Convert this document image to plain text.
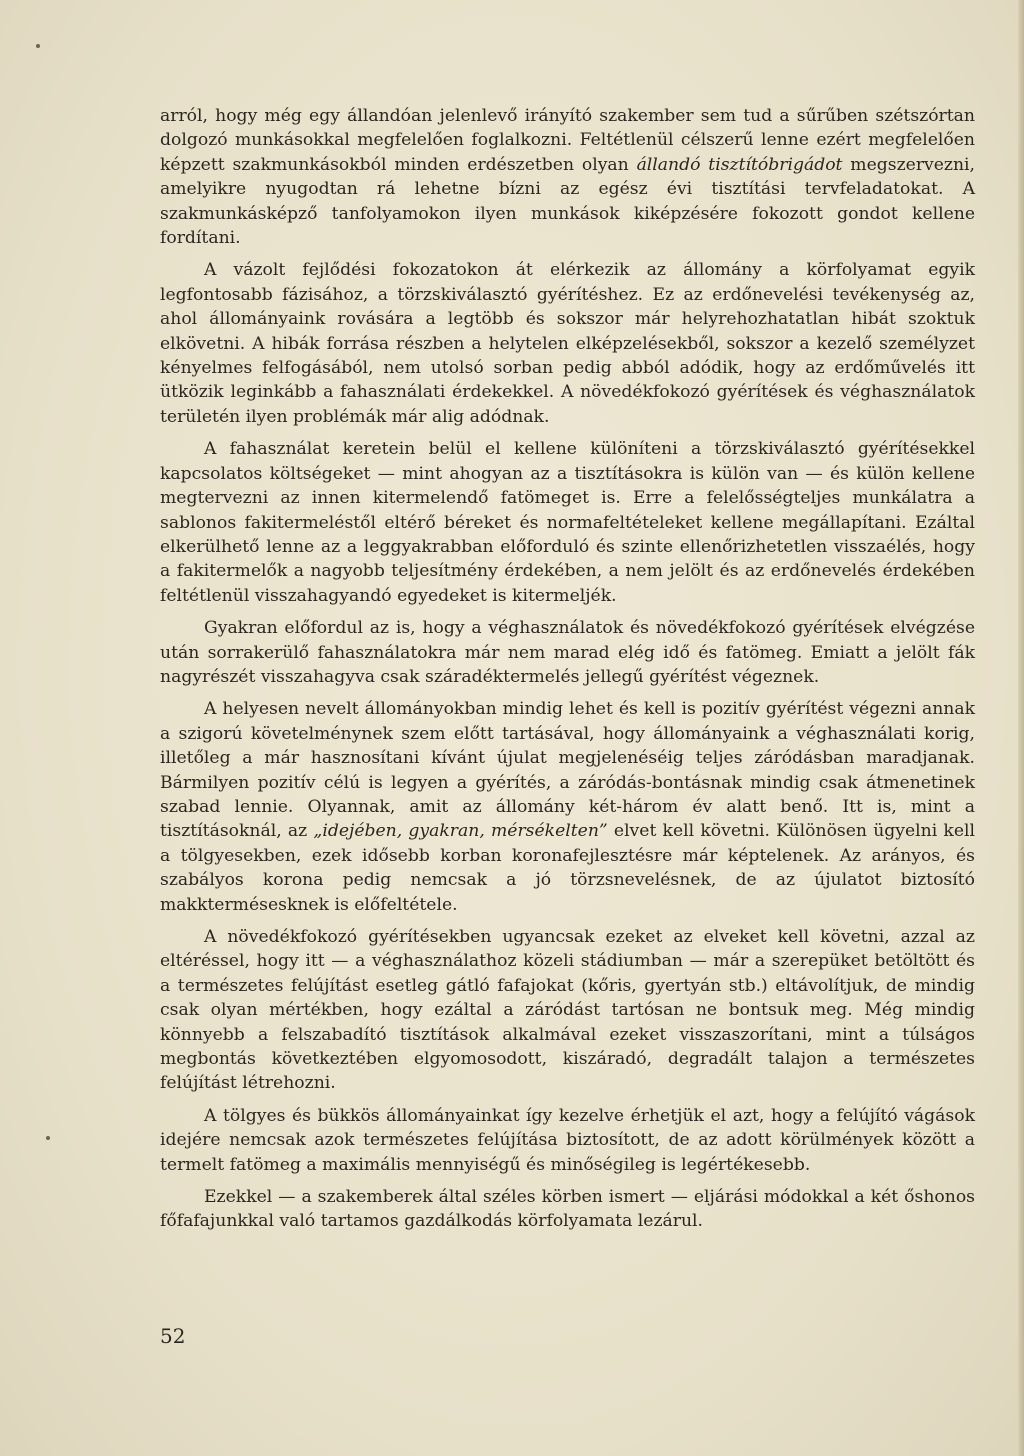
arról, hogy még egy állandóan jelenlevő irányító szakember sem tud a sűrűben szétszórtan dolgozó munkásokkal megfelelően foglalkozni. Feltétlenül célszerű lenne ezért megfelelően képzett szakmunkásokból minden erdészetben olyan állandó tisztítóbrigádot megszervezni, amelyikre nyugodtan rá lehetne bízni az egész évi tisztítási tervfeladatokat. A szakmunkásképző tanfolyamokon ilyen munkások kiképzésére fokozott gondot kellene fordítani.

A vázolt fejlődési fokozatokon át elérkezik az állomány a körfolyamat egyik legfontosabb fázisához, a törzskiválasztó gyérítéshez. Ez az erdőnevelési tevékenység az, ahol állományaink rovására a legtöbb és sokszor már helyrehozhatatlan hibát szoktuk elkövetni. A hibák forrása részben a helytelen elképzelésekből, sokszor a kezelő személyzet kényelmes felfogásából, nem utolsó sorban pedig abból adódik, hogy az erdőművelés itt ütközik leginkább a fahasználati érdekekkel. A növedékfokozó gyérítések és véghasználatok területén ilyen problémák már alig adódnak.

A fahasználat keretein belül el kellene különíteni a törzskiválasztó gyérítésekkel kapcsolatos költségeket — mint ahogyan az a tisztításokra is külön van — és külön kellene megtervezni az innen kitermelendő fatömeget is. Erre a felelősségteljes munkálatra a sablonos fakitermeléstől eltérő béreket és normafeltételeket kellene megállapítani. Ezáltal elkerülhető lenne az a leggyakrabban előforduló és szinte ellenőrizhetetlen visszaélés, hogy a fakitermelők a nagyobb teljesítmény érdekében, a nem jelölt és az erdőnevelés érdekében feltétlenül visszahagyandó egyedeket is kitermeljék.

Gyakran előfordul az is, hogy a véghasználatok és növedékfokozó gyérítések elvégzése után sorrakerülő fahasználatokra már nem marad elég idő és fatömeg. Emiatt a jelölt fák nagyrészét visszahagyva csak száradéktermelés jellegű gyérítést végeznek.

A helyesen nevelt állományokban mindig lehet és kell is pozitív gyérítést végezni annak a szigorú követelménynek szem előtt tartásával, hogy állományaink a véghasználati korig, illetőleg a már hasznosítani kívánt újulat megjelenéséig teljes záródásban maradjanak. Bármilyen pozitív célú is legyen a gyérítés, a záródás-bontásnak mindig csak átmenetinek szabad lennie. Olyannak, amit az állomány két-három év alatt benő. Itt is, mint a tisztításoknál, az „idejében, gyakran, mérsékelten” elvet kell követni. Különösen ügyelni kell a tölgyesekben, ezek idősebb korban koronafejlesztésre már képtelenek. Az arányos, és szabályos korona pedig nemcsak a jó törzsnevelésnek, de az újulatot biztosító makktermésesknek is előfeltétele.

A növedékfokozó gyérítésekben ugyancsak ezeket az elveket kell követni, azzal az eltéréssel, hogy itt — a véghasználathoz közeli stádiumban — már a szerepüket betöltött és a természetes felújítást esetleg gátló fafajokat (kőris, gyertyán stb.) eltávolítjuk, de mindig csak olyan mértékben, hogy ezáltal a záródást tartósan ne bontsuk meg. Még mindig könnyebb a felszabadító tisztítások alkalmával ezeket visszaszorítani, mint a túlságos megbontás következtében elgyomosodott, kiszáradó, degradált talajon a természetes felújítást létrehozni.

A tölgyes és bükkös állományainkat így kezelve érhetjük el azt, hogy a felújító vágások idejére nemcsak azok természetes felújítása biztosított, de az adott körülmények között a termelt fatömeg a maximális mennyiségű és minőségileg is legértékesebb.

Ezekkel — a szakemberek által széles körben ismert — eljárási módokkal a két őshonos főfafajunkkal való tartamos gazdálkodás körfolyamata lezárul.

52
